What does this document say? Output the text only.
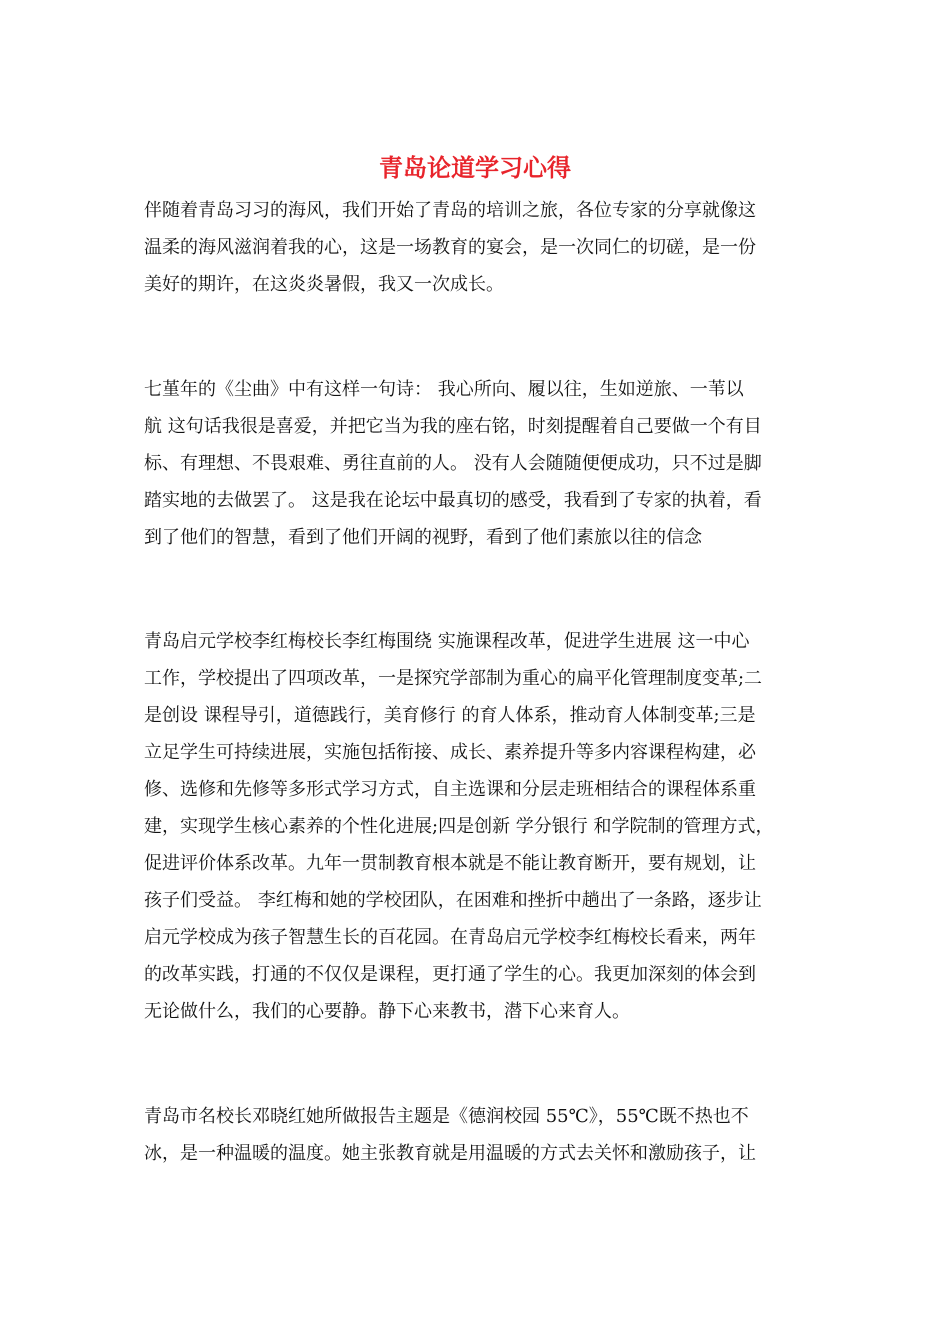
青岛论道学习心得
伴随着青岛习习的海风，我们开始了青岛的培训之旅，各位专家的分享就像这
温柔的海风滋润着我的心，这是一场教育的宴会，是一次同仁的切磋，是一份
美好的期许，在这炎炎暑假，我又一次成长。
七堇年的《尘曲》中有这样一句诗： 我心所向、履以往，生如逆旅、一苇以
航 这句话我很是喜爱，并把它当为我的座右铭，时刻提醒着自己要做一个有目
标、有理想、不畏艰难、勇往直前的人。 没有人会随随便便成功，只不过是脚
踏实地的去做罢了。 这是我在论坛中最真切的感受，我看到了专家的执着，看
到了他们的智慧，看到了他们开阔的视野，看到了他们素旅以往的信念
青岛启元学校李红梅校长李红梅围绕 实施课程改革，促进学生进展 这一中心
工作，学校提出了四项改革，一是探究学部制为重心的扁平化管理制度变革;二
是创设 课程导引，道德践行，美育修行 的育人体系，推动育人体制变革;三是
立足学生可持续进展，实施包括衔接、成长、素养提升等多内容课程构建，必
修、选修和先修等多形式学习方式，自主选课和分层走班相结合的课程体系重
建，实现学生核心素养的个性化进展;四是创新 学分银行 和学院制的管理方式，
促进评价体系改革。九年一贯制教育根本就是不能让教育断开，要有规划，让
孩子们受益。 李红梅和她的学校团队，在困难和挫折中趟出了一条路，逐步让
启元学校成为孩子智慧生长的百花园。在青岛启元学校李红梅校长看来，两年
的改革实践，打通的不仅仅是课程，更打通了学生的心。我更加深刻的体会到
无论做什么，我们的心要静。静下心来教书，潜下心来育人。
青岛市名校长邓晓红她所做报告主题是《德润校园 55℃》，55℃既不热也不
冰，是一种温暖的温度。她主张教育就是用温暖的方式去关怀和激励孩子，让
